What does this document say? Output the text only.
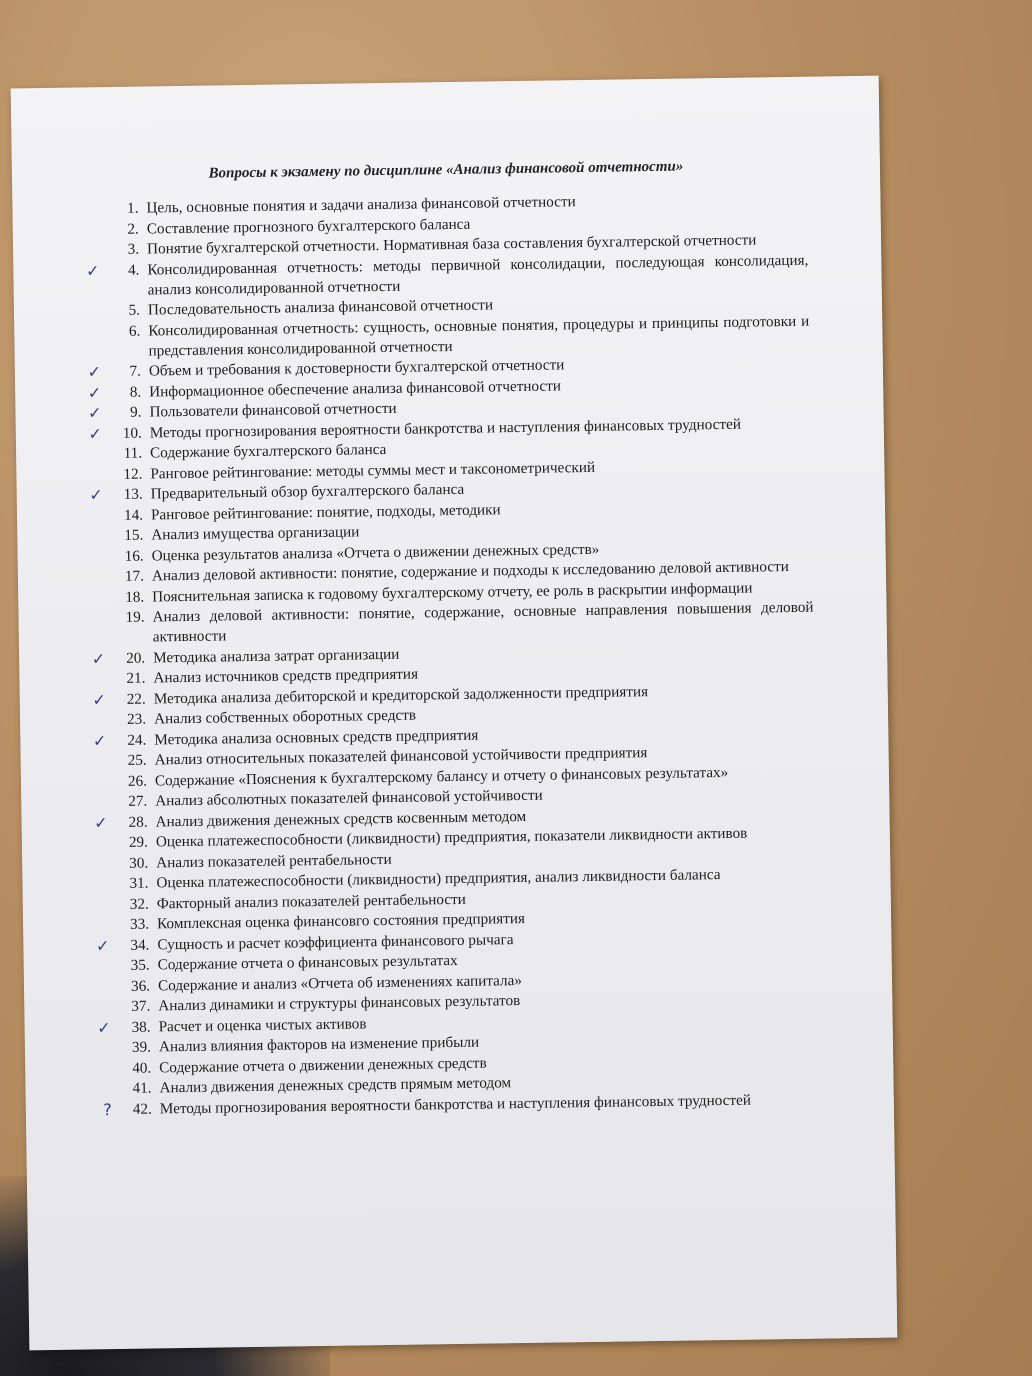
Вопросы к экзамену по дисциплине «Анализ финансовой отчетности»
1. Цель, основные понятия и задачи анализа финансовой отчетности
2. Составление прогнозного бухгалтерского баланса
3. Понятие бухгалтерской отчетности. Нормативная база составления бухгалтерской отчетности
✓	4. Консолидированная отчетность: методы первичной консолидации, последующая консолидация, анализ консолидированной отчетности
5. Последовательность анализа финансовой отчетности
6. Консолидированная отчетность: сущность, основные понятия, процедуры и принципы подготовки и представления консолидированной отчетности
✓	7. Объем и требования к достоверности бухгалтерской отчетности
✓	8. Информационное обеспечение анализа финансовой отчетности
✓	9. Пользователи финансовой отчетности
✓	10. Методы прогнозирования вероятности банкротства и наступления финансовых трудностей
11. Содержание бухгалтерского баланса
12. Ранговое рейтингование: методы суммы мест и таксонометрический
✓	13. Предварительный обзор бухгалтерского баланса
14. Ранговое рейтингование: понятие, подходы, методики
15. Анализ имущества организации
16. Оценка результатов анализа «Отчета о движении денежных средств»
17. Анализ деловой активности: понятие, содержание и подходы к исследованию деловой активности
18. Пояснительная записка к годовому бухгалтерскому отчету, ее роль в раскрытии информации
19. Анализ деловой активности: понятие, содержание, основные направления повышения деловой активности
✓	20. Методика анализа затрат организации
21. Анализ источников средств предприятия
✓	22. Методика анализа дебиторской и кредиторской задолженности предприятия
23. Анализ собственных оборотных средств
✓	24. Методика анализа основных средств предприятия
25. Анализ относительных показателей финансовой устойчивости предприятия
26. Содержание «Пояснения к бухгалтерскому балансу и отчету о финансовых результатах»
27. Анализ абсолютных показателей финансовой устойчивости
✓	28. Анализ движения денежных средств косвенным методом
29. Оценка платежеспособности (ликвидности) предприятия, показатели ликвидности активов
30. Анализ показателей рентабельности
31. Оценка платежеспособности (ликвидности) предприятия, анализ ликвидности баланса
32. Факторный анализ показателей рентабельности
33. Комплексная оценка финансовго состояния предприятия
✓	34. Сущность и расчет коэффициента финансового рычага
35. Содержание отчета о финансовых результатах
36. Содержание и анализ «Отчета об изменениях капитала»
37. Анализ динамики и структуры финансовых результатов
✓	38. Расчет и оценка чистых активов
39. Анализ влияния факторов на изменение прибыли
40. Содержание отчета о движении денежных средств
41. Анализ движения денежных средств прямым методом
?	42. Методы прогнозирования вероятности банкротства и наступления финансовых трудностей
